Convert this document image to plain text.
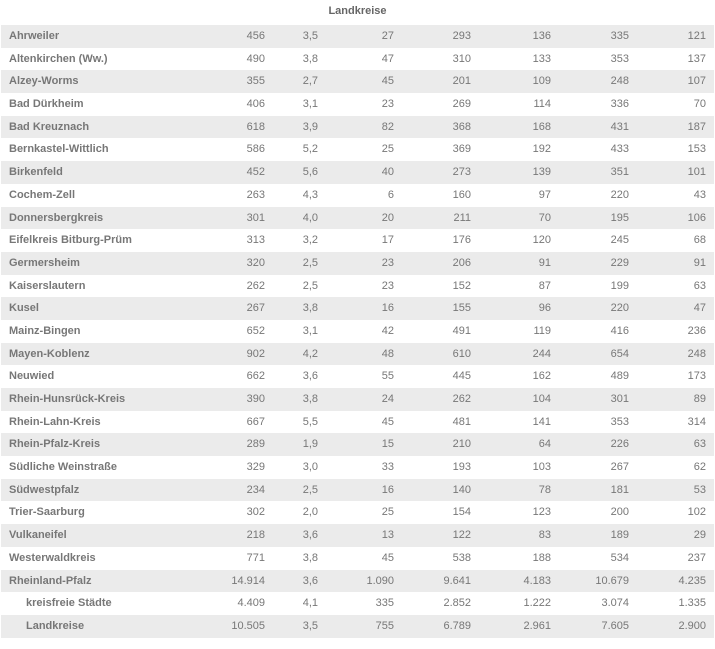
Landkreise
Ahrweiler	456	3,5	27	293	136	335	121
Altenkirchen (Ww.)	490	3,8	47	310	133	353	137
Alzey-Worms	355	2,7	45	201	109	248	107
Bad Dürkheim	406	3,1	23	269	114	336	70
Bad Kreuznach	618	3,9	82	368	168	431	187
Bernkastel-Wittlich	586	5,2	25	369	192	433	153
Birkenfeld	452	5,6	40	273	139	351	101
Cochem-Zell	263	4,3	6	160	97	220	43
Donnersbergkreis	301	4,0	20	211	70	195	106
Eifelkreis Bitburg-Prüm	313	3,2	17	176	120	245	68
Germersheim	320	2,5	23	206	91	229	91
Kaiserslautern	262	2,5	23	152	87	199	63
Kusel	267	3,8	16	155	96	220	47
Mainz-Bingen	652	3,1	42	491	119	416	236
Mayen-Koblenz	902	4,2	48	610	244	654	248
Neuwied	662	3,6	55	445	162	489	173
Rhein-Hunsrück-Kreis	390	3,8	24	262	104	301	89
Rhein-Lahn-Kreis	667	5,5	45	481	141	353	314
Rhein-Pfalz-Kreis	289	1,9	15	210	64	226	63
Südliche Weinstraße	329	3,0	33	193	103	267	62
Südwestpfalz	234	2,5	16	140	78	181	53
Trier-Saarburg	302	2,0	25	154	123	200	102
Vulkaneifel	218	3,6	13	122	83	189	29
Westerwaldkreis	771	3,8	45	538	188	534	237
Rheinland-Pfalz	14.914	3,6	1.090	9.641	4.183	10.679	4.235
kreisfreie Städte	4.409	4,1	335	2.852	1.222	3.074	1.335
Landkreise	10.505	3,5	755	6.789	2.961	7.605	2.900
